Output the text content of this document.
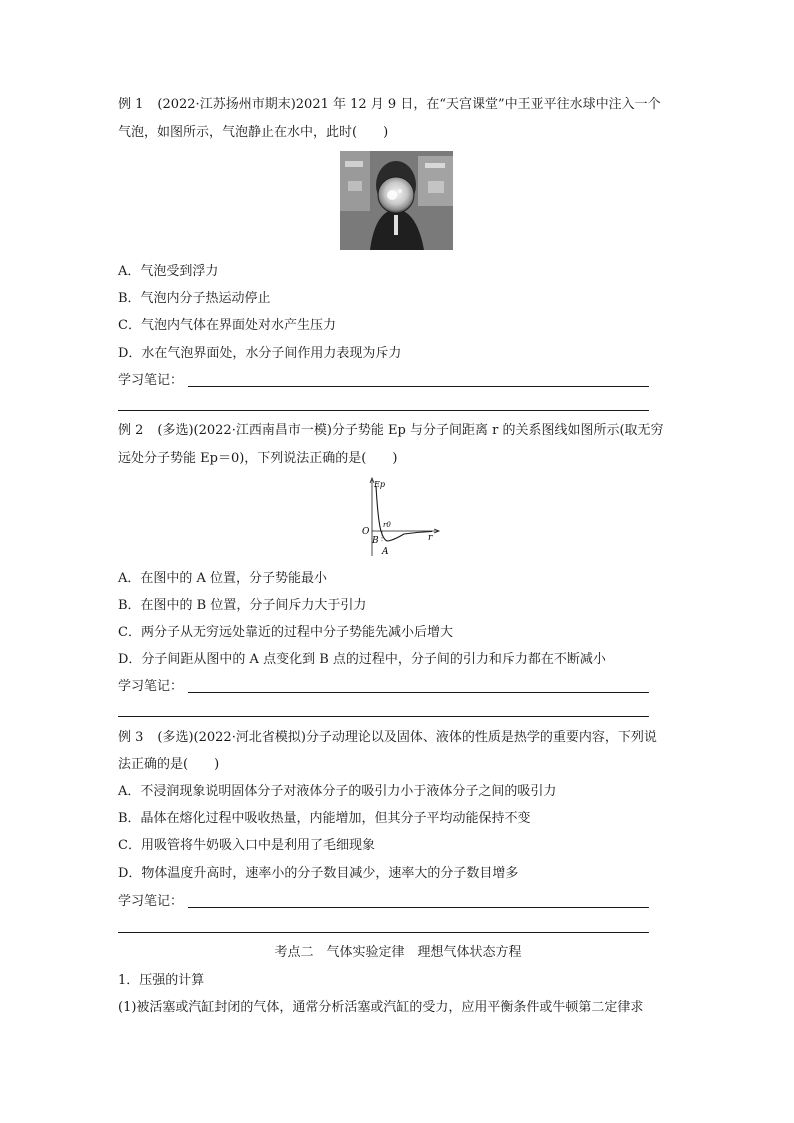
例 1 (2022·江苏扬州市期末)2021 年 12 月 9 日，在“天宫课堂”中王亚平往水球中注入一个
气泡，如图所示，气泡静止在水中，此时(　　)
A．气泡受到浮力
B．气泡内分子热运动停止
C．气泡内气体在界面处对水产生压力
D．水在气泡界面处，水分子间作用力表现为斥力
学习笔记：
例 2 (多选)(2022·江西南昌市一模)分子势能 Ep 与分子间距离 r 的关系图线如图所示(取无穷
远处分子势能 Ep＝0)，下列说法正确的是(　　)
Ep
O
r0
r
B
A
A．在图中的 A 位置，分子势能最小
B．在图中的 B 位置，分子间斥力大于引力
C．两分子从无穷远处靠近的过程中分子势能先减小后增大
D．分子间距从图中的 A 点变化到 B 点的过程中，分子间的引力和斥力都在不断减小
学习笔记：
例 3 (多选)(2022·河北省模拟)分子动理论以及固体、液体的性质是热学的重要内容，下列说
法正确的是(　　)
A．不浸润现象说明固体分子对液体分子的吸引力小于液体分子之间的吸引力
B．晶体在熔化过程中吸收热量，内能增加，但其分子平均动能保持不变
C．用吸管将牛奶吸入口中是利用了毛细现象
D．物体温度升高时，速率小的分子数目减少，速率大的分子数目增多
学习笔记：
考点二　气体实验定律　理想气体状态方程
1．压强的计算
(1)被活塞或汽缸封闭的气体，通常分析活塞或汽缸的受力，应用平衡条件或牛顿第二定律求
